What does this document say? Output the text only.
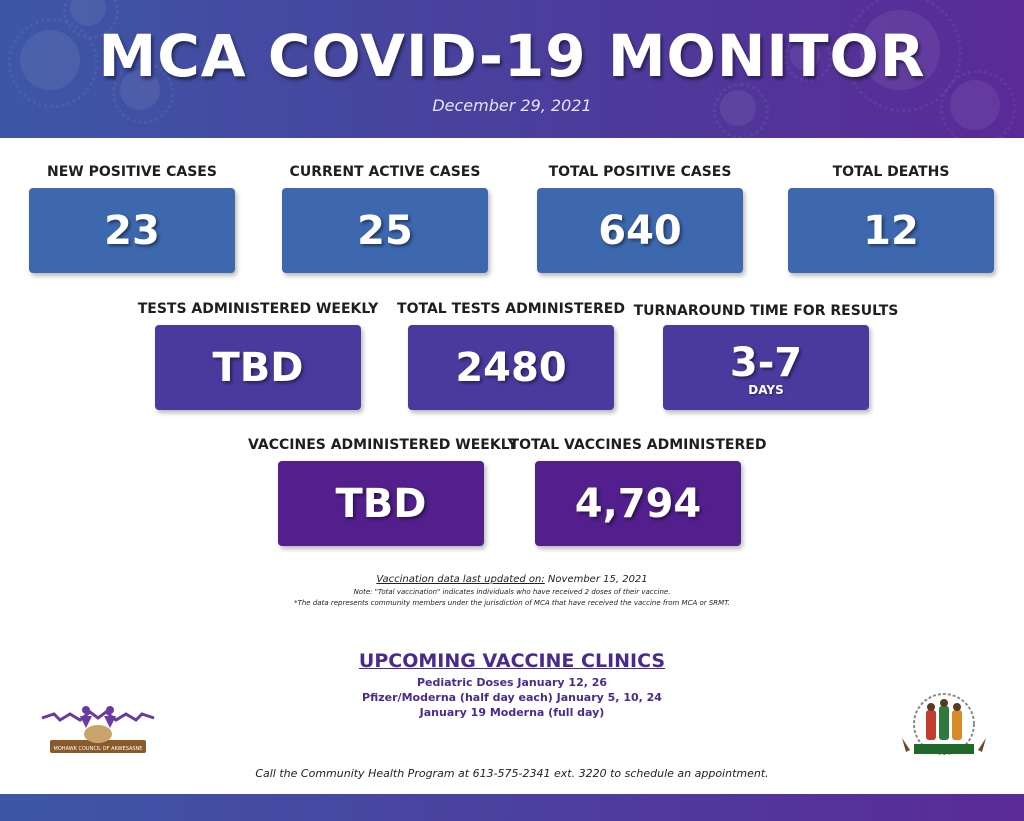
MCA COVID-19 MONITOR
December 29, 2021
NEW POSITIVE CASES
23
CURRENT ACTIVE CASES
25
TOTAL POSITIVE CASES
640
TOTAL DEATHS
12
TESTS ADMINISTERED WEEKLY
TBD
TOTAL TESTS ADMINISTERED
2480
TURNAROUND TIME FOR RESULTS
3-7
DAYS
VACCINES ADMINISTERED WEEKLY
TBD
TOTAL VACCINES ADMINISTERED
4,794
Vaccination data last updated on: November 15, 2021
Note: "Total vaccination" indicates individuals who have received 2 doses of their vaccine.
*The data represents community members under the jurisdiction of MCA that have received the vaccine from MCA or SRMT.
UPCOMING VACCINE CLINICS
Pediatric Doses January 12, 26
Pfizer/Moderna (half day each) January 5, 10, 24
January 19 Moderna (full day)
MOHAWK COUNCIL OF AKWESASNE
Call the Community Health Program at 613-575-2341 ext. 3220 to schedule an appointment.
